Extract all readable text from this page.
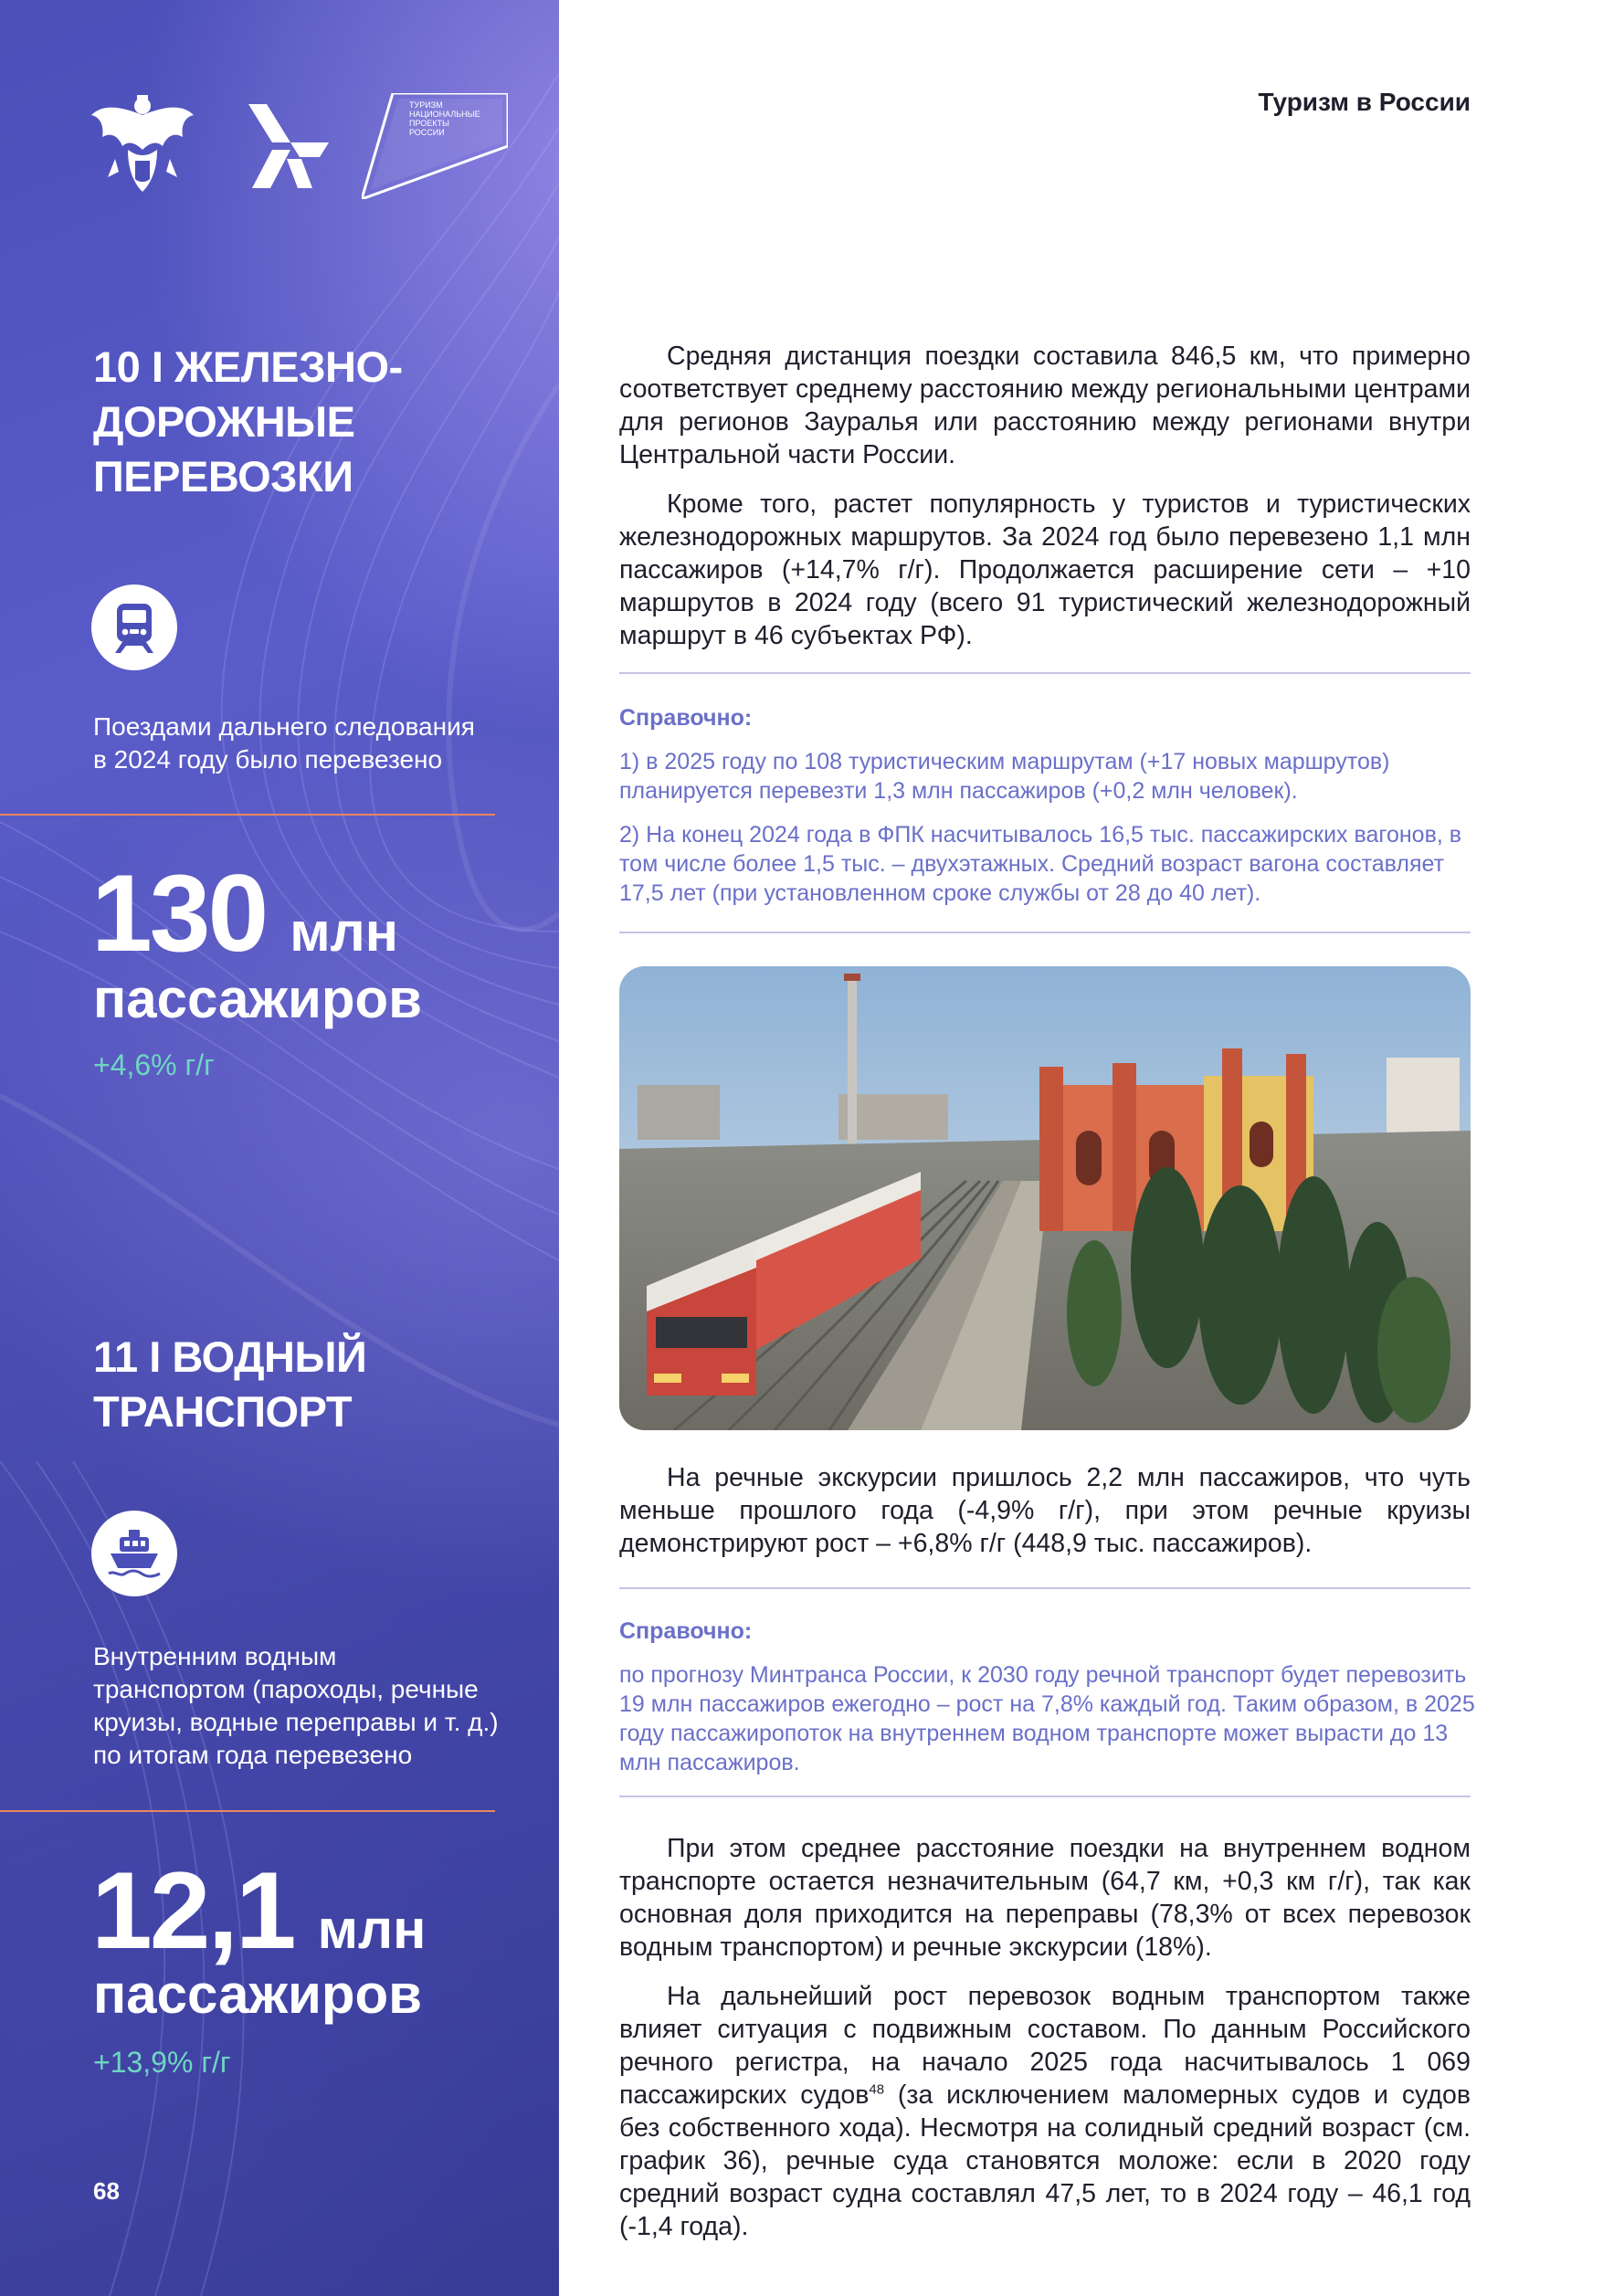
ТУРИЗМ
НАЦИОНАЛЬНЫЕ
ПРОЕКТЫ
РОССИИ
10 I ЖЕЛЕЗНО-
ДОРОЖНЫЕ
ПЕРЕВОЗКИ
Поездами дальнего следования
в 2024 году было перевезено
130 млн
пассажиров
+4,6% г/г
11 I ВОДНЫЙ
ТРАНСПОРТ
Внутренним водным
транспортом (пароходы, речные
круизы, водные переправы и т. д.)
по итогам года перевезено
12,1 млн
пассажиров
+13,9% г/г
68
Туризм в России

Средняя дистанция поездки составила 846,5 км, что примерно соответствует среднему расстоянию между региональными центрами для регионов Зауралья или расстоянию между регионами внутри Центральной части России.

Кроме того, растет популярность у туристов и туристических железнодорожных маршрутов. За 2024 год было перевезено 1,1 млн пассажиров (+14,7% г/г). Продолжается расширение сети – +10 маршрутов в 2024 году (всего 91 туристический железнодорожный маршрут в 46 субъектах РФ).

Справочно:

1) в 2025 году по 108 туристическим маршрутам (+17 новых маршрутов) планируется перевезти 1,3 млн пассажиров (+0,2 млн человек).

2) На конец 2024 года в ФПК насчитывалось 16,5 тыс. пассажирских вагонов, в том числе более 1,5 тыс. – двухэтажных. Средний возраст вагона составляет 17,5 лет (при установленном сроке службы от 28 до 40 лет).

На речные экскурсии пришлось 2,2 млн пассажиров, что чуть меньше прошлого года (-4,9% г/г), при этом речные круизы демонстрируют рост – +6,8% г/г (448,9 тыс. пассажиров).

Справочно:

по прогнозу Минтранса России, к 2030 году речной транспорт будет перевозить 19 млн пассажиров ежегодно – рост на 7,8% каждый год. Таким образом, в 2025 году пассажиропоток на внутреннем водном транспорте может вырасти до 13 млн пассажиров.

При этом среднее расстояние поездки на внутреннем водном транспорте остается незначительным (64,7 км, +0,3 км г/г), так как основная доля приходится на переправы (78,3% от всех перевозок водным транспортом) и речные экскурсии (18%).

На дальнейший рост перевозок водным транспортом также влияет ситуация с подвижным составом. По данным Российского речного регистра, на начало 2025 года насчитывалось 1 069 пассажирских судов$^{48}$ (за исключением маломерных судов и судов без собственного хода). Несмотря на солидный средний возраст (см. график 36), речные суда становятся моложе: если в 2020 году средний возраст судна составлял 47,5 лет, то в 2024 году – 46,1 год (-1,4 года).
